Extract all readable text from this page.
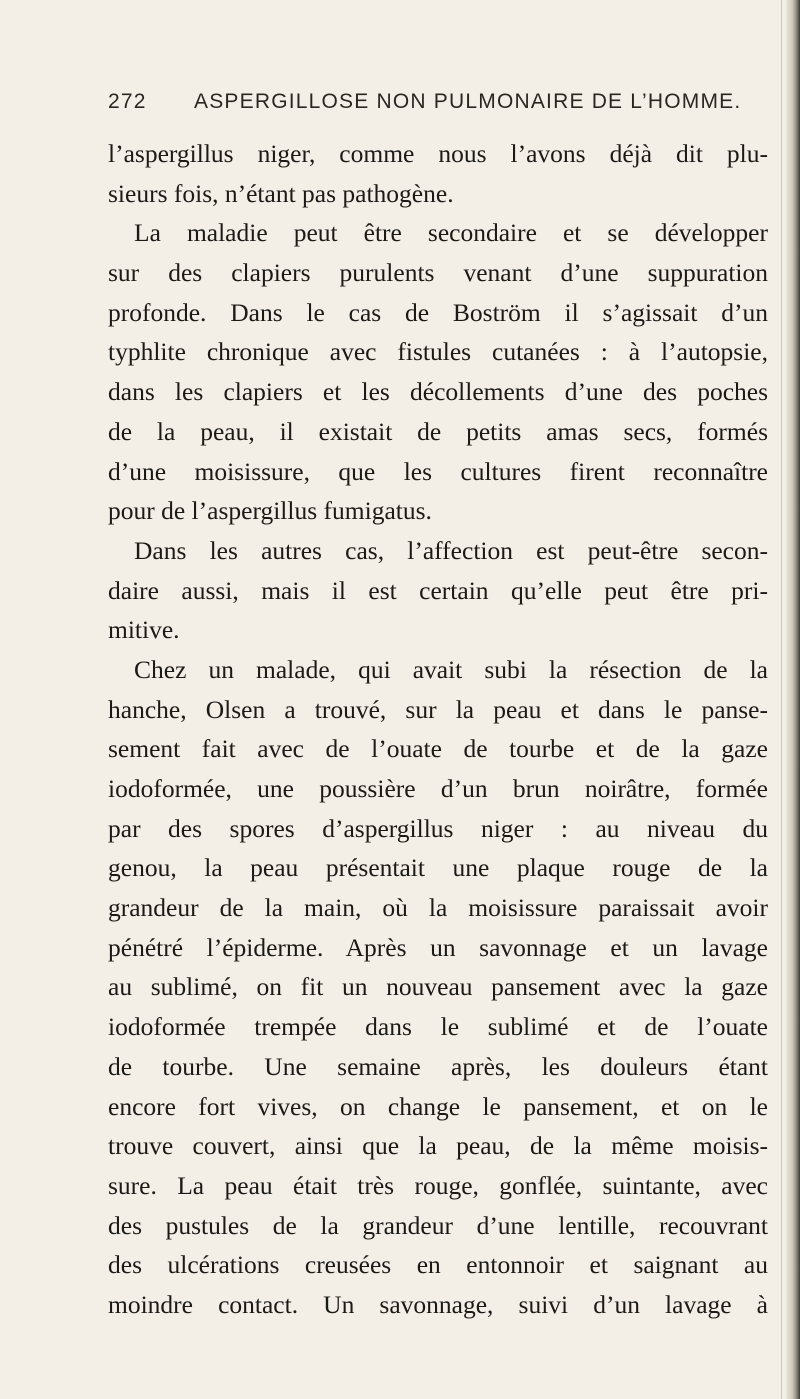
272 ASPERGILLOSE NON PULMONAIRE DE L’HOMME.
l’aspergillus niger, comme nous l’avons déjà dit plu-
sieurs fois, n’étant pas pathogène.
La maladie peut être secondaire et se développer
sur des clapiers purulents venant d’une suppuration
profonde. Dans le cas de Boström il s’agissait d’un
typhlite chronique avec fistules cutanées : à l’autopsie,
dans les clapiers et les décollements d’une des poches
de la peau, il existait de petits amas secs, formés
d’une moisissure, que les cultures firent reconnaître
pour de l’aspergillus fumigatus.
Dans les autres cas, l’affection est peut-être secon-
daire aussi, mais il est certain qu’elle peut être pri-
mitive.
Chez un malade, qui avait subi la résection de la
hanche, Olsen a trouvé, sur la peau et dans le panse-
sement fait avec de l’ouate de tourbe et de la gaze
iodoformée, une poussière d’un brun noirâtre, formée
par des spores d’aspergillus niger : au niveau du
genou, la peau présentait une plaque rouge de la
grandeur de la main, où la moisissure paraissait avoir
pénétré l’épiderme. Après un savonnage et un lavage
au sublimé, on fit un nouveau pansement avec la gaze
iodoformée trempée dans le sublimé et de l’ouate
de tourbe. Une semaine après, les douleurs étant
encore fort vives, on change le pansement, et on le
trouve couvert, ainsi que la peau, de la même moisis-
sure. La peau était très rouge, gonflée, suintante, avec
des pustules de la grandeur d’une lentille, recouvrant
des ulcérations creusées en entonnoir et saignant au
moindre contact. Un savonnage, suivi d’un lavage à
